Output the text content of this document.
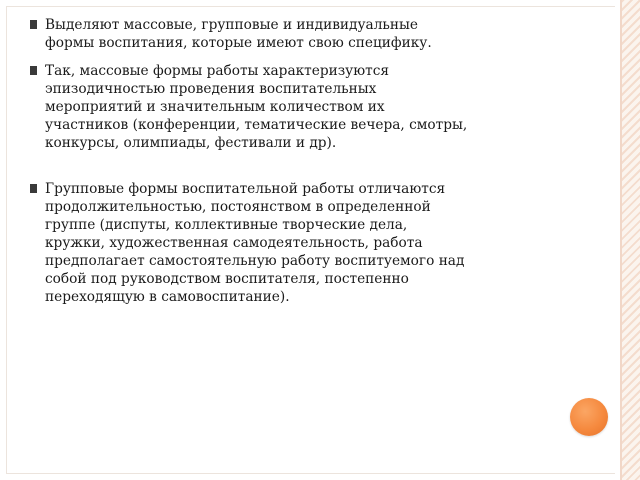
Выделяют массовые, групповые и индивидуальные
формы воспитания, которые имеют свою специфику.
Так, массовые формы работы характеризуются
эпизодичностью проведения воспитательных
мероприятий и значительным количеством их
участников (конференции, тематические вечера, смотры,
конкурсы, олимпиады, фестивали и др).
Групповые формы воспитательной работы отличаются
продолжительностью, постоянством в определенной
группе (диспуты, коллективные творческие дела,
кружки, художественная самодеятельность, работа
предполагает самостоятельную работу воспитуемого над
собой под руководством воспитателя, постепенно
переходящую в самовоспитание).
